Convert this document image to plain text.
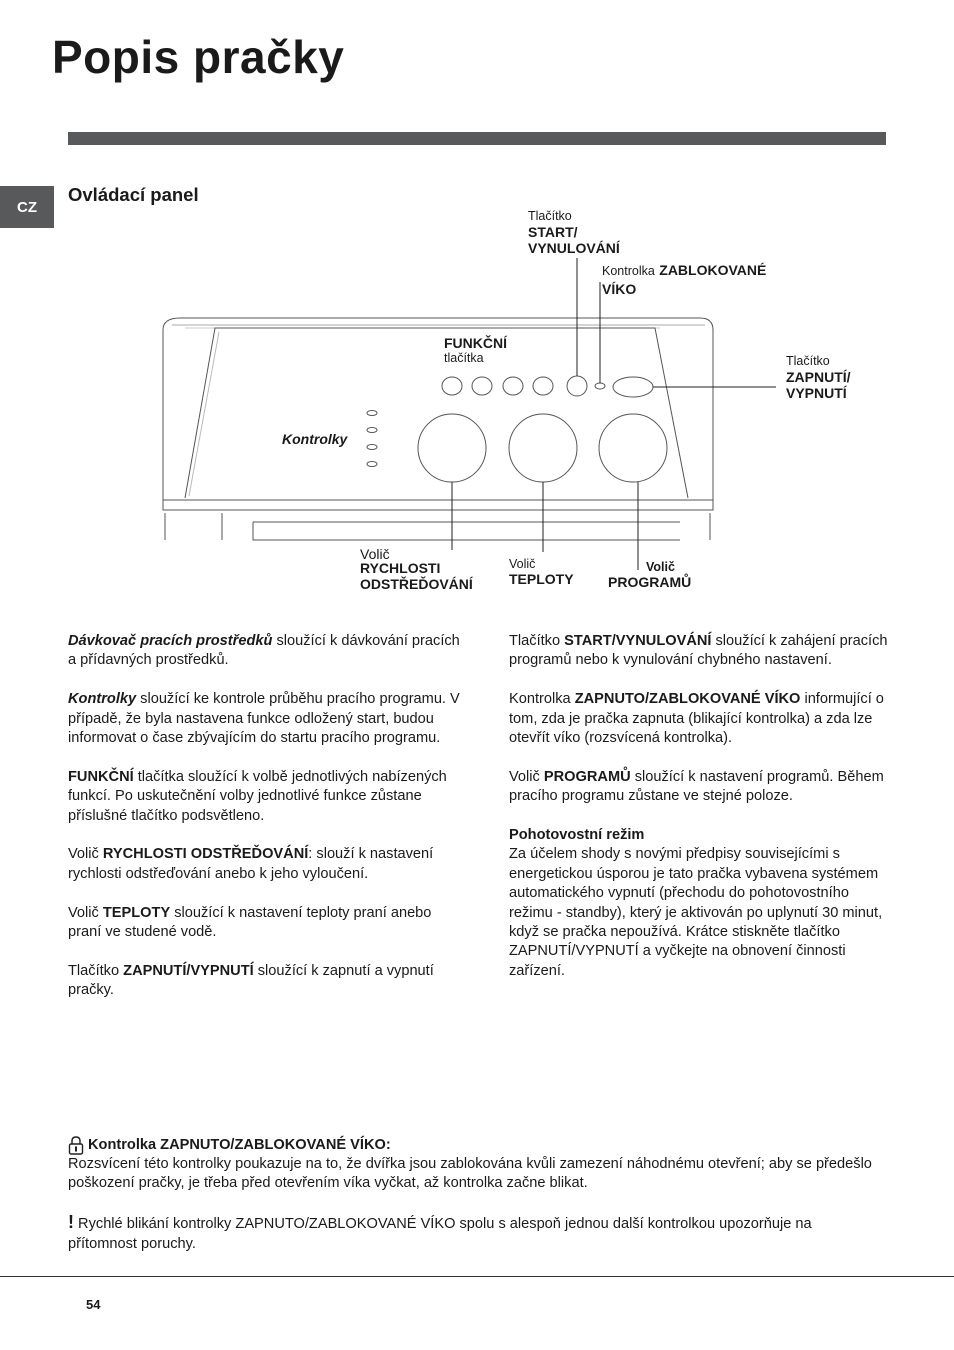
Popis pračky
CZ
Ovládací panel
Tlačítko
START/
VYNULOVÁNÍ
Kontrolka ZABLOKOVANÉ
VÍKO
FUNKČNÍ
tlačítka	Tlačítko
ZAPNUTÍ/
VYPNUTÍ
Kontrolky
Volič
RYCHLOSTI
ODSTŘEĎOVÁNÍ
Volič
TEPLOTY
Volič
PROGRAMŮ

Dávkovač pracích prostředků sloužící k dávkování pracích a přídavných prostředků.

Kontrolky sloužící ke kontrole průběhu pracího programu. V případě, že byla nastavena funkce odložený start, budou informovat o čase zbývajícím do startu pracího programu.

FUNKČNÍ tlačítka sloužící k volbě jednotlivých nabízených funkcí. Po uskutečnění volby jednotlivé funkce zůstane příslušné tlačítko podsvětleno.

Volič RYCHLOSTI ODSTŘEĎOVÁNÍ: slouží k nastavení rychlosti odstřeďování anebo k jeho vyloučení.

Volič TEPLOTY sloužící k nastavení teploty praní anebo praní ve studené vodě.

Tlačítko ZAPNUTÍ/VYPNUTÍ sloužící k zapnutí a vypnutí pračky.

Tlačítko START/VYNULOVÁNÍ sloužící k zahájení pracích programů nebo k vynulování chybného nastavení.

Kontrolka ZAPNUTO/ZABLOKOVANÉ VÍKO informující o tom, zda je pračka zapnuta (blikající kontrolka) a zda lze otevřít víko (rozsvícená kontrolka).

Volič PROGRAMŮ sloužící k nastavení programů. Během pracího programu zůstane ve stejné poloze.

Pohotovostní režim

Za účelem shody s novými předpisy souvisejícími s energetickou úsporou je tato pračka vybavena systémem automatického vypnutí (přechodu do pohotovostního režimu - standby), který je aktivován po uplynutí 30 minut, když se pračka nepoužívá. Krátce stiskněte tlačítko ZAPNUTÍ/VYPNUTÍ a vyčkejte na obnovení činnosti zařízení.

Kontrolka ZAPNUTO/ZABLOKOVANÉ VÍKO:

Rozsvícení této kontrolky poukazuje na to, že dvířka jsou zablokována kvůli zamezení náhodnému otevření; aby se předešlo poškození pračky, je třeba před otevřením víka vyčkat, až kontrolka začne blikat.

! Rychlé blikání kontrolky ZAPNUTO/ZABLOKOVANÉ VÍKO spolu s alespoň jednou další kontrolkou upozorňuje na přítomnost poruchy.

54
